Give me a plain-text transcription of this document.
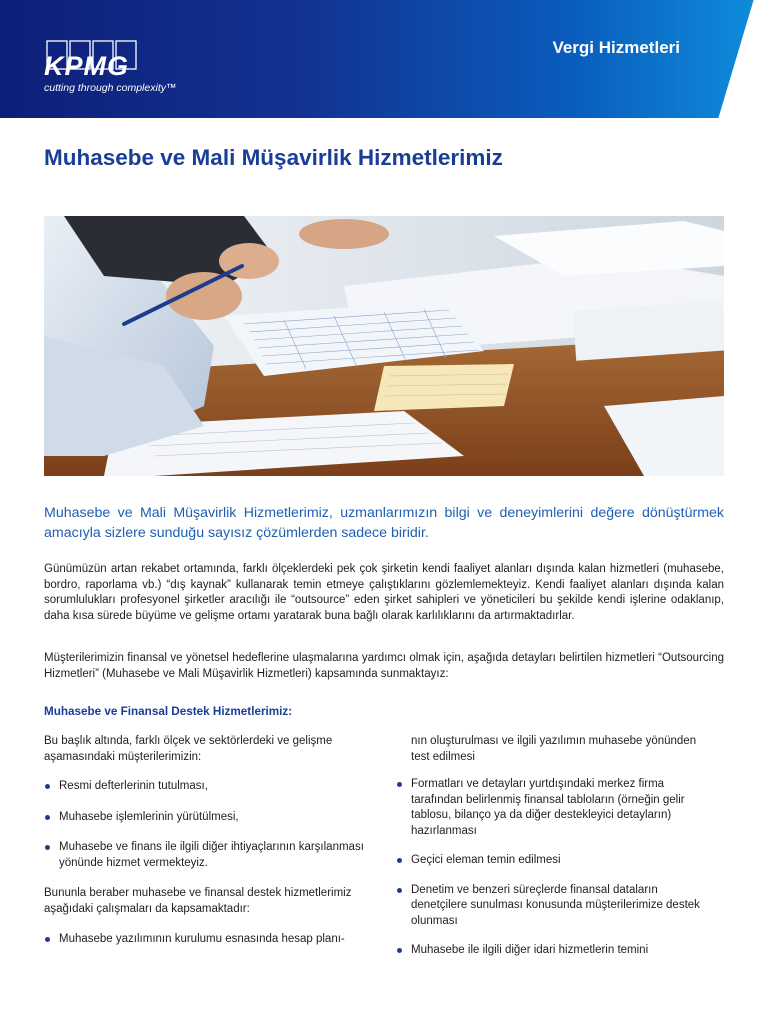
KPMG
cutting through complexity™
Vergi Hizmetleri
Muhasebe ve Mali Müşavirlik Hizmetlerimiz

Muhasebe ve Mali Müşavirlik Hizmetlerimiz, uzmanlarımızın bilgi ve deneyimlerini değere dönüştürmek amacıyla sizlere sunduğu sayısız çözümlerden sadece biridir.

Günümüzün artan rekabet ortamında, farklı ölçeklerdeki pek çok şirketin kendi faaliyet alanları dışında kalan hizmetleri (muhasebe, bordro, raporlama vb.) “dış kaynak” kullanarak temin etmeye çalıştıklarını gözlemlemekteyiz. Kendi faaliyet alanları dışında kalan sorumlulukları profesyonel şirketler aracılığı ile “outsource” eden şirket sahipleri ve yöneticileri bu şekilde kendi işlerine odaklanıp, daha kısa sürede büyüme ve gelişme ortamı yaratarak buna bağlı olarak karlılıklarını da artırmaktadırlar.

Müşterilerimizin finansal ve yönetsel hedeflerine ulaşmalarına yardımcı olmak için, aşağıda detayları belirtilen hizmetleri “Outsourcing Hizmetleri” (Muhasebe ve Mali Müşavirlik Hizmetleri) kapsamında sunmaktayız:

Muhasebe ve Finansal Destek Hizmetlerimiz:

Bu başlık altında, farklı ölçek ve sektörlerdeki ve gelişme aşamasındaki müşterilerimizin:

Resmi defterlerinin tutulması,
Muhasebe işlemlerinin yürütülmesi,
Muhasebe ve finans ile ilgili diğer ihtiyaçlarının karşılanması yönünde hizmet vermekteyiz.

Bununla beraber muhasebe ve finansal destek hizmetlerimiz aşağıdaki çalışmaları da kapsamaktadır:

Muhasebe yazılımının kurulumu esnasında hesap planı-

nın oluşturulması ve ilgili yazılımın muhasebe yönünden test edilmesi

Formatları ve detayları yurtdışındaki merkez firma tarafından belirlenmiş finansal tabloların (örneğin gelir tablosu, bilanço ya da diğer destekleyici detayların) hazırlanması
Geçici eleman temin edilmesi
Denetim ve benzeri süreçlerde finansal dataların denetçilere sunulması konusunda müşterilerimize destek olunması
Muhasebe ile ilgili diğer idari hizmetlerin temini
